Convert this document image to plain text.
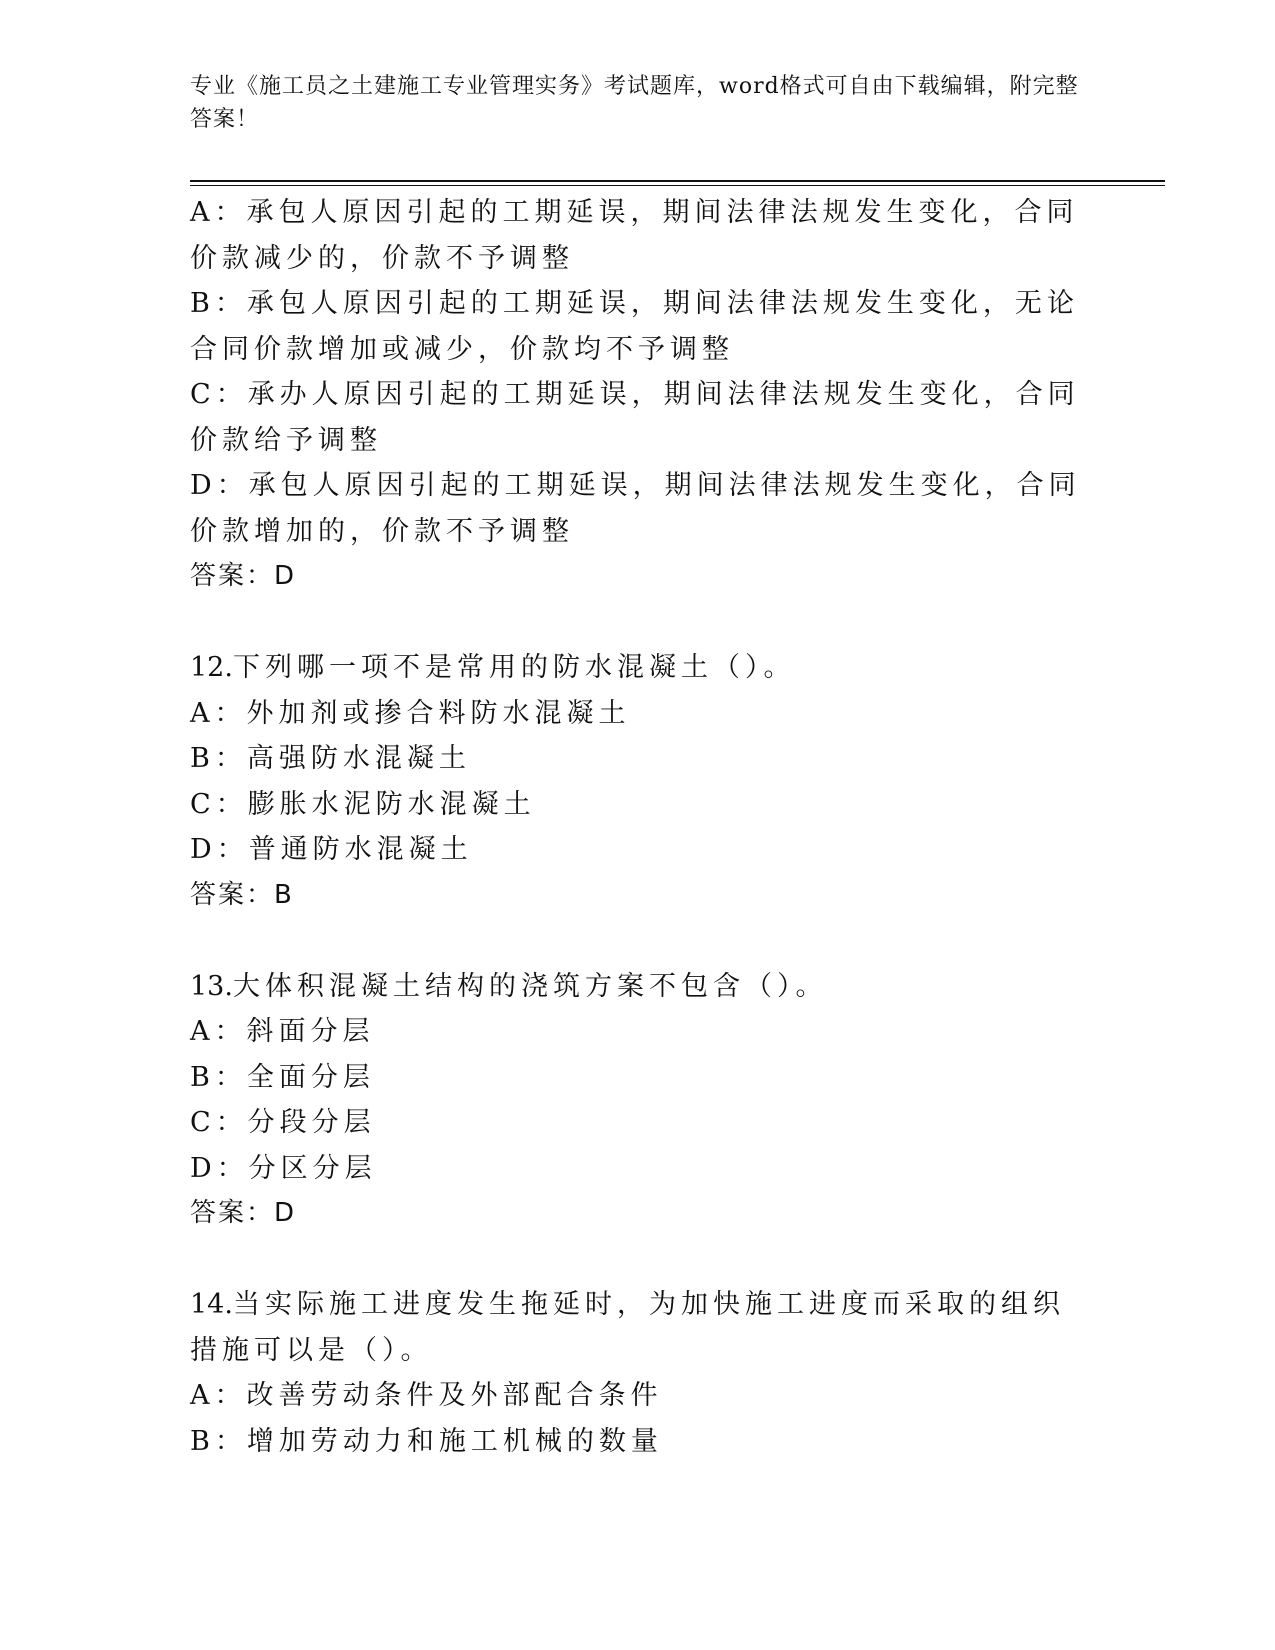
专业《施工员之土建施工专业管理实务》考试题库，word格式可自由下载编辑，附完整答案！
A：承包人原因引起的工期延误，期间法律法规发生变化，合同价款减少的，价款不予调整
B：承包人原因引起的工期延误，期间法律法规发生变化，无论合同价款增加或减少，价款均不予调整
C：承办人原因引起的工期延误，期间法律法规发生变化，合同价款给予调整
D：承包人原因引起的工期延误，期间法律法规发生变化，合同价款增加的，价款不予调整
答案：D
12.下列哪一项不是常用的防水混凝土（）。
A：外加剂或掺合料防水混凝土
B：高强防水混凝土
C：膨胀水泥防水混凝土
D：普通防水混凝土
答案：B
13.大体积混凝土结构的浇筑方案不包含（）。
A：斜面分层
B：全面分层
C：分段分层
D：分区分层
答案：D
14.当实际施工进度发生拖延时，为加快施工进度而采取的组织措施可以是（）。
A：改善劳动条件及外部配合条件
B：增加劳动力和施工机械的数量
